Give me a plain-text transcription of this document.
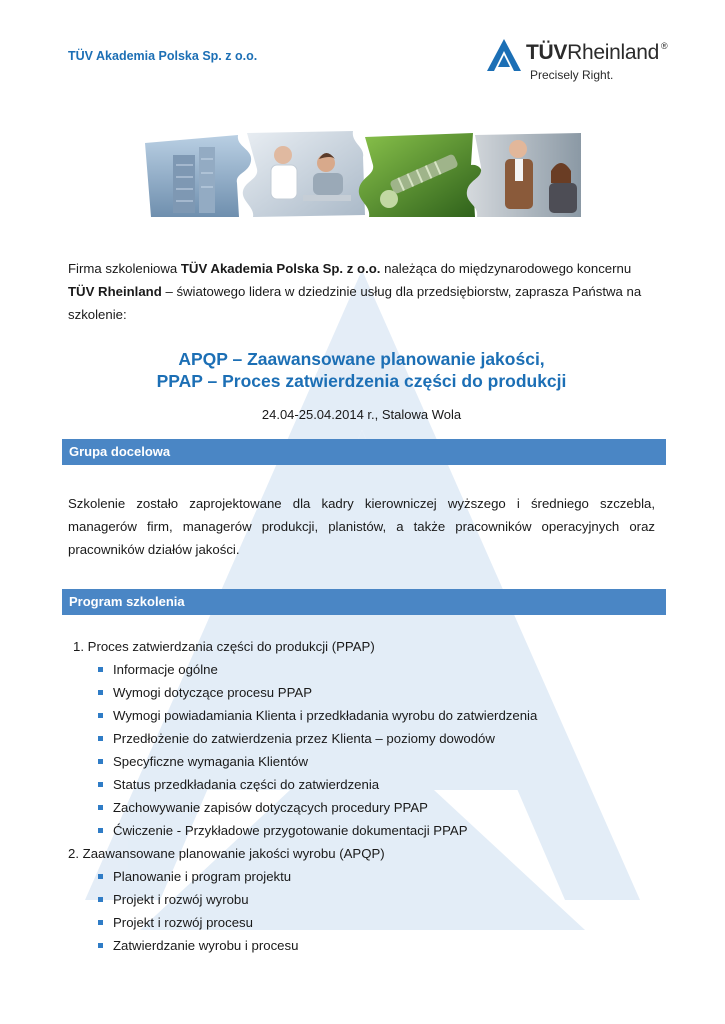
TÜV Akademia Polska Sp. z o.o.	TÜVRheinland ®
Precisely Right.
Firma szkoleniowa TÜV Akademia Polska Sp. z o.o. należąca do międzynarodowego koncernu TÜV Rheinland – światowego lidera w dziedzinie usług dla przedsiębiorstw, zaprasza Państwa na szkolenie:
APQP – Zaawansowane planowanie jakości,
PPAP – Proces zatwierdzenia części do produkcji
24.04-25.04.2014 r., Stalowa Wola
Grupa docelowa
Szkolenie zostało zaprojektowane dla kadry kierowniczej wyższego i średniego szczebla, managerów firm, managerów produkcji, planistów, a także pracowników operacyjnych oraz pracowników działów jakości.
Program szkolenia
1. Proces zatwierdzania części do produkcji (PPAP)
Informacje ogólne
Wymogi dotyczące procesu PPAP
Wymogi powiadamiania Klienta i przedkładania wyrobu do zatwierdzenia
Przedłożenie do zatwierdzenia przez Klienta – poziomy dowodów
Specyficzne wymagania Klientów
Status przedkładania części do zatwierdzenia
Zachowywanie zapisów dotyczących procedury PPAP
Ćwiczenie - Przykładowe przygotowanie dokumentacji PPAP
2. Zaawansowane planowanie jakości wyrobu (APQP)
Planowanie i program projektu
Projekt i rozwój wyrobu
Projekt i rozwój procesu
Zatwierdzanie wyrobu i procesu
